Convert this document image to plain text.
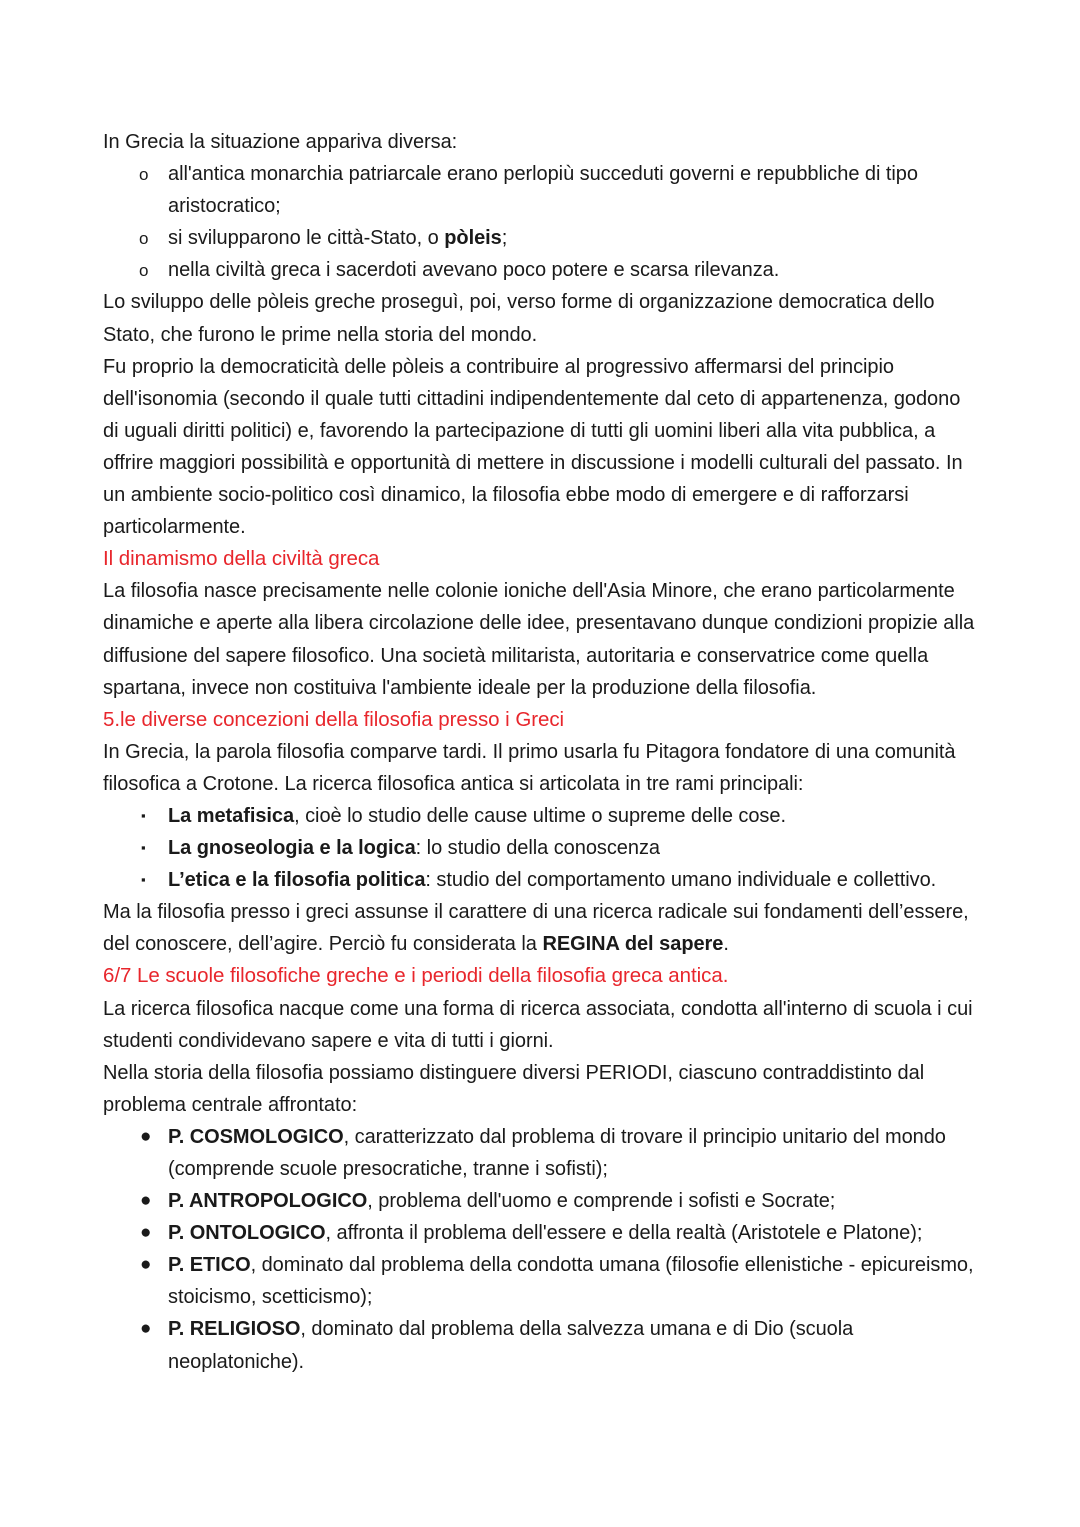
In Grecia la situazione appariva diversa:

o all'antica monarchia patriarcale erano perlopiù succeduti governi e repubbliche di tipo aristocratico;
o si svilupparono le città-Stato, o pòleis;
o nella civiltà greca i sacerdoti avevano poco potere e scarsa rilevanza.

Lo sviluppo delle pòleis greche proseguì, poi, verso forme di organizzazione democratica dello Stato, che furono le prime nella storia del mondo.

Fu proprio la democraticità delle pòleis a contribuire al progressivo affermarsi del principio dell'isonomia (secondo il quale tutti cittadini indipendentemente dal ceto di appartenenza, godono di uguali diritti politici) e, favorendo la partecipazione di tutti gli uomini liberi alla vita pubblica, a offrire maggiori possibilità e opportunità di mettere in discussione i modelli culturali del passato. In un ambiente socio-politico così dinamico, la filosofia ebbe modo di emergere e di rafforzarsi particolarmente.

Il dinamismo della civiltà greca

La filosofia nasce precisamente nelle colonie ioniche dell'Asia Minore, che erano particolarmente dinamiche e aperte alla libera circolazione delle idee, presentavano dunque condizioni propizie alla diffusione del sapere filosofico. Una società militarista, autoritaria e conservatrice come quella spartana, invece non costituiva l'ambiente ideale per la produzione della filosofia.

5.le diverse concezioni della filosofia presso i Greci

In Grecia, la parola filosofia comparve tardi. Il primo usarla fu Pitagora fondatore di una comunità filosofica a Crotone. La ricerca filosofica antica si articolata in tre rami principali:

▪ La metafisica, cioè lo studio delle cause ultime o supreme delle cose.
▪ La gnoseologia e la logica: lo studio della conoscenza
▪ L’etica e la filosofia politica: studio del comportamento umano individuale e collettivo.

Ma la filosofia presso i greci assunse il carattere di una ricerca radicale sui fondamenti dell’essere, del conoscere, dell’agire. Perciò fu considerata la REGINA del sapere.

6/7 Le scuole filosofiche greche e i periodi della filosofia greca antica.

La ricerca filosofica nacque come una forma di ricerca associata, condotta all'interno di scuola i cui studenti condividevano sapere e vita di tutti i giorni.

Nella storia della filosofia possiamo distinguere diversi PERIODI, ciascuno contraddistinto dal problema centrale affrontato:

● P. COSMOLOGICO, caratterizzato dal problema di trovare il principio unitario del mondo (comprende scuole presocratiche, tranne i sofisti);
● P. ANTROPOLOGICO, problema dell'uomo e comprende i sofisti e Socrate;
● P. ONTOLOGICO, affronta il problema dell'essere e della realtà (Aristotele e Platone);
● P. ETICO, dominato dal problema della condotta umana (filosofie ellenistiche - epicureismo, stoicismo, scetticismo);
● P. RELIGIOSO, dominato dal problema della salvezza umana e di Dio (scuola neoplatoniche).
